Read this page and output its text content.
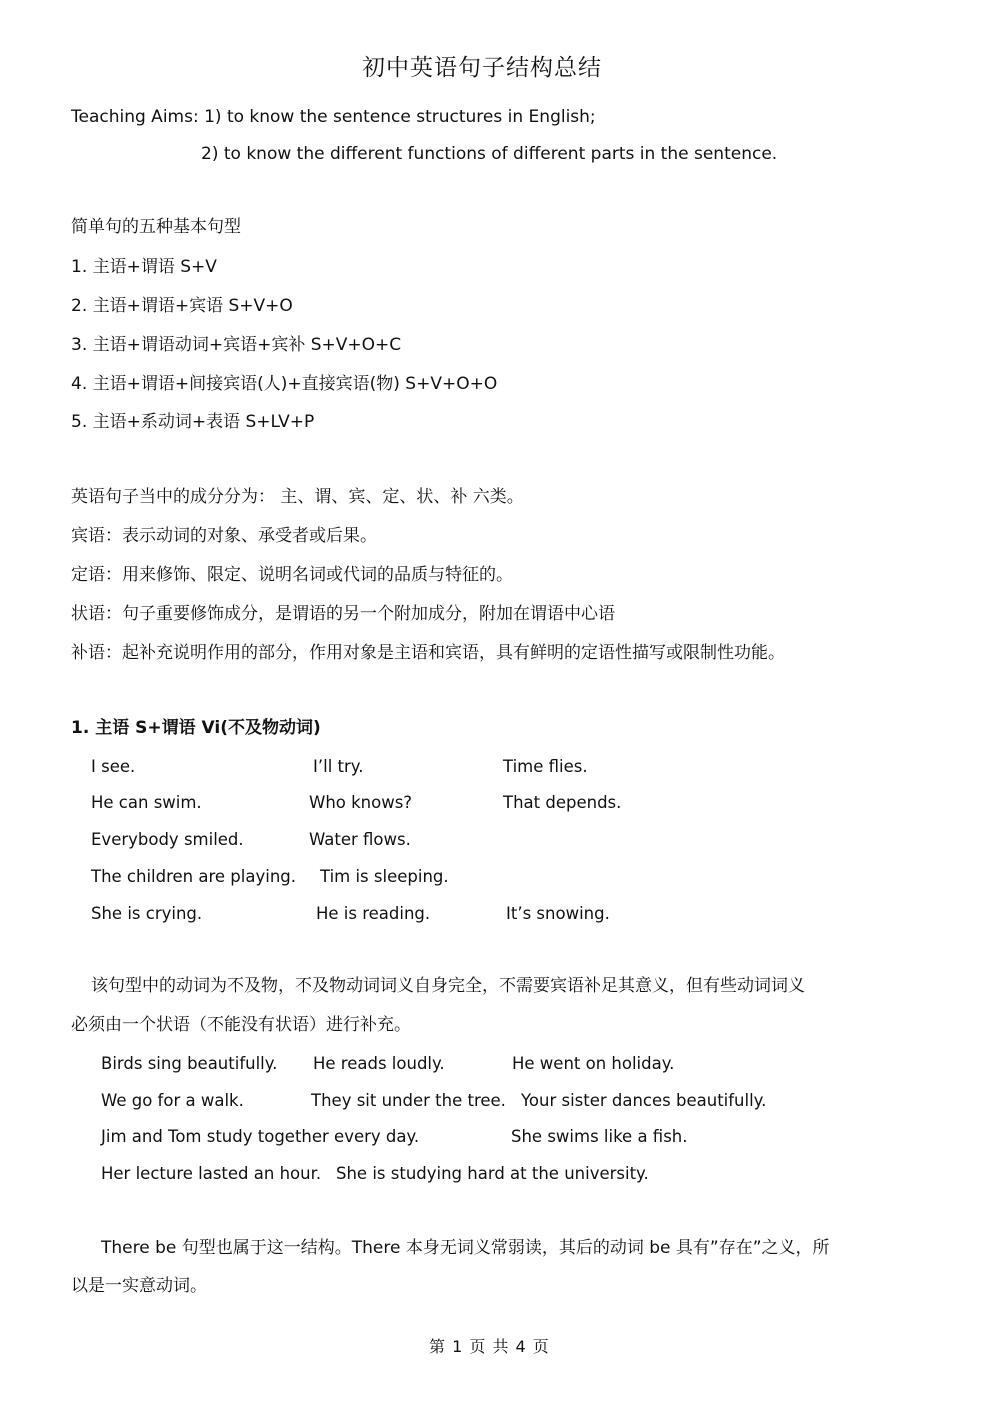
初中英语句子结构总结
Teaching Aims: 1) to know the sentence structures in English;
2) to know the different functions of different parts in the sentence.
简单句的五种基本句型
1. 主语+谓语 S+V
2. 主语+谓语+宾语 S+V+O
3. 主语+谓语动词+宾语+宾补 S+V+O+C
4. 主语+谓语+间接宾语(人)+直接宾语(物) S+V+O+O
5. 主语+系动词+表语 S+LV+P
英语句子当中的成分分为： 主、谓、宾、定、状、补 六类。
宾语：表示动词的对象、承受者或后果。
定语：用来修饰、限定、说明名词或代词的品质与特征的。
状语：句子重要修饰成分，是谓语的另一个附加成分，附加在谓语中心语
补语：起补充说明作用的部分，作用对象是主语和宾语，具有鲜明的定语性描写或限制性功能。
1. 主语 S+谓语 Vi(不及物动词)
I see.	I’ll try.	Time flies.
He can swim.	Who knows?	That depends.
Everybody smiled.	Water flows.
The children are playing. Tim is sleeping.
She is crying.	He is reading.	It’s snowing.
该句型中的动词为不及物，不及物动词词义自身完全，不需要宾语补足其意义，但有些动词词义
必须由一个状语（不能没有状语）进行补充。
Birds sing beautifully. He reads loudly.	He went on holiday.
We go for a walk.	They sit under the tree. Your sister dances beautifully.
Jim and Tom study together every day.	She swims like a fish.
Her lecture lasted an hour. She is studying hard at the university.
There be 句型也属于这一结构。There 本身无词义常弱读，其后的动词 be 具有”存在”之义，所
以是一实意动词。
第 1 页 共 4 页
